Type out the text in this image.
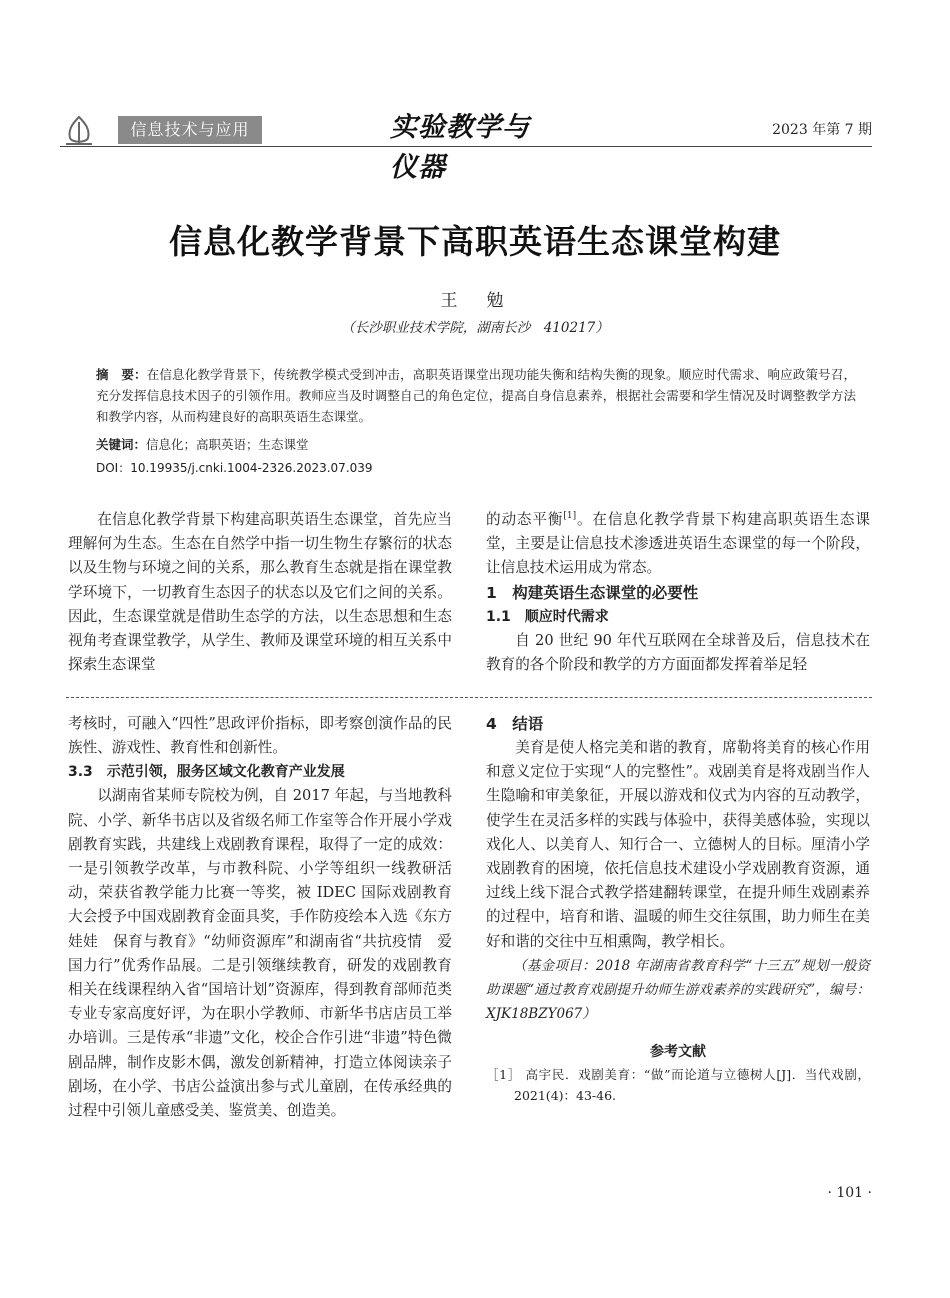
信息技术与应用	实验教学与仪器
2023 年第 7 期
信息化教学背景下高职英语生态课堂构建
王　勉
（长沙职业技术学院，湖南长沙　410217）
摘　要：在信息化教学背景下，传统教学模式受到冲击，高职英语课堂出现功能失衡和结构失衡的现象。顺应时代需求、响应政策号召，充分发挥信息技术因子的引领作用。教师应当及时调整自己的角色定位，提高自身信息素养，根据社会需要和学生情况及时调整教学方法和教学内容，从而构建良好的高职英语生态课堂。
关键词：信息化；高职英语；生态课堂
DOI：10.19935/j.cnki.1004-2326.2023.07.039

在信息化教学背景下构建高职英语生态课堂，首先应当理解何为生态。生态在自然学中指一切生物生存繁衍的状态以及生物与环境之间的关系，那么教育生态就是指在课堂教学环境下，一切教育生态因子的状态以及它们之间的关系。因此，生态课堂就是借助生态学的方法，以生态思想和生态视角考查课堂教学，从学生、教师及课堂环境的相互关系中探索生态课堂

的动态平衡[1]。在信息化教学背景下构建高职英语生态课堂，主要是让信息技术渗透进英语生态课堂的每一个阶段，让信息技术运用成为常态。

1　构建英语生态课堂的必要性
1.1　顺应时代需求

自 20 世纪 90 年代互联网在全球普及后，信息技术在教育的各个阶段和教学的方方面面都发挥着举足轻

考核时，可融入“四性”思政评价指标，即考察创演作品的民族性、游戏性、教育性和创新性。

3.3　示范引领，服务区域文化教育产业发展

以湖南省某师专院校为例，自 2017 年起，与当地教科院、小学、新华书店以及省级名师工作室等合作开展小学戏剧教育实践，共建线上戏剧教育课程，取得了一定的成效：一是引领教学改革，与市教科院、小学等组织一线教研活动，荣获省教学能力比赛一等奖，被 IDEC 国际戏剧教育大会授予中国戏剧教育金面具奖，手作防疫绘本入选《东方娃娃　保育与教育》“幼师资源库”和湖南省“共抗疫情　爱国力行”优秀作品展。二是引领继续教育，研发的戏剧教育相关在线课程纳入省“国培计划”资源库，得到教育部师范类专业专家高度好评，为在职小学教师、市新华书店店员工举办培训。三是传承“非遗”文化，校企合作引进“非遗”特色微剧品牌，制作皮影木偶，激发创新精神，打造立体阅读亲子剧场，在小学、书店公益演出参与式儿童剧，在传承经典的过程中引领儿童感受美、鉴赏美、创造美。

4　结语

美育是使人格完美和谐的教育，席勒将美育的核心作用和意义定位于实现“人的完整性”。戏剧美育是将戏剧当作人生隐喻和审美象征，开展以游戏和仪式为内容的互动教学，使学生在灵活多样的实践与体验中，获得美感体验，实现以戏化人、以美育人、知行合一、立德树人的目标。厘清小学戏剧教育的困境，依托信息技术建设小学戏剧教育资源，通过线上线下混合式教学搭建翻转课堂，在提升师生戏剧素养的过程中，培育和谐、温暖的师生交往氛围，助力师生在美好和谐的交往中互相熏陶，教学相长。

（基金项目：2018 年湖南省教育科学“十三五”规划一般资助课题“通过教育戏剧提升幼师生游戏素养的实践研究”，编号：XJK18BZY067）

参考文献
［1］ 高宇民．戏剧美育：“做”而论道与立德树人[J]．当代戏剧，2021(4)：43-46.
· 101 ·
